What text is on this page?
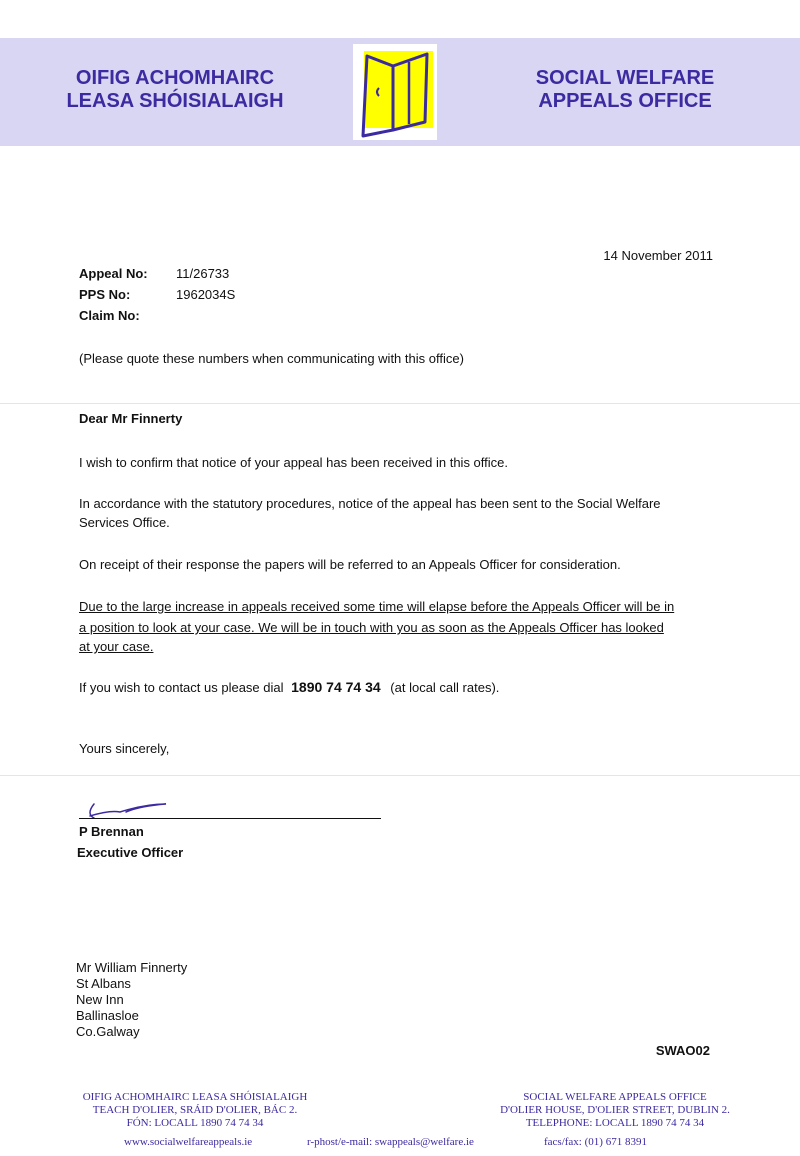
OIFIG ACHOMHAIRC
LEASA SHÓISIALAIGH
SOCIAL WELFARE
APPEALS OFFICE
14 November 2011
Appeal No: 11/26733
PPS No:	1962034S
Claim No:
(Please quote these numbers when communicating with this office)
Dear Mr Finnerty
I wish to confirm that notice of your appeal has been received in this office.
In accordance with the statutory procedures, notice of the appeal has been sent to the Social Welfare
Services Office.
On receipt of their response the papers will be referred to an Appeals Officer for consideration.
Due to the large increase in appeals received some time will elapse before the Appeals Officer will be in
a position to look at your case. We will be in touch with you as soon as the Appeals Officer has looked
at your case.
If you wish to contact us please dial 1890 74 74 34 (at local call rates).
Yours sincerely,
P Brennan
Executive Officer
Mr William Finnerty
St Albans
New Inn
Ballinasloe
Co.Galway
SWAO02
OIFIG ACHOMHAIRC LEASA SHÓISIALAIGH
TEACH D'OLIER, SRÁID D'OLIER, BÁC 2.
FÓN: LOCALL 1890 74 74 34
SOCIAL WELFARE APPEALS OFFICE
D'OLIER HOUSE, D'OLIER STREET, DUBLIN 2.
TELEPHONE: LOCALL 1890 74 74 34
www.socialwelfareappeals.ie	r-phost/e-mail: swappeals@welfare.ie	facs/fax: (01) 671 8391
